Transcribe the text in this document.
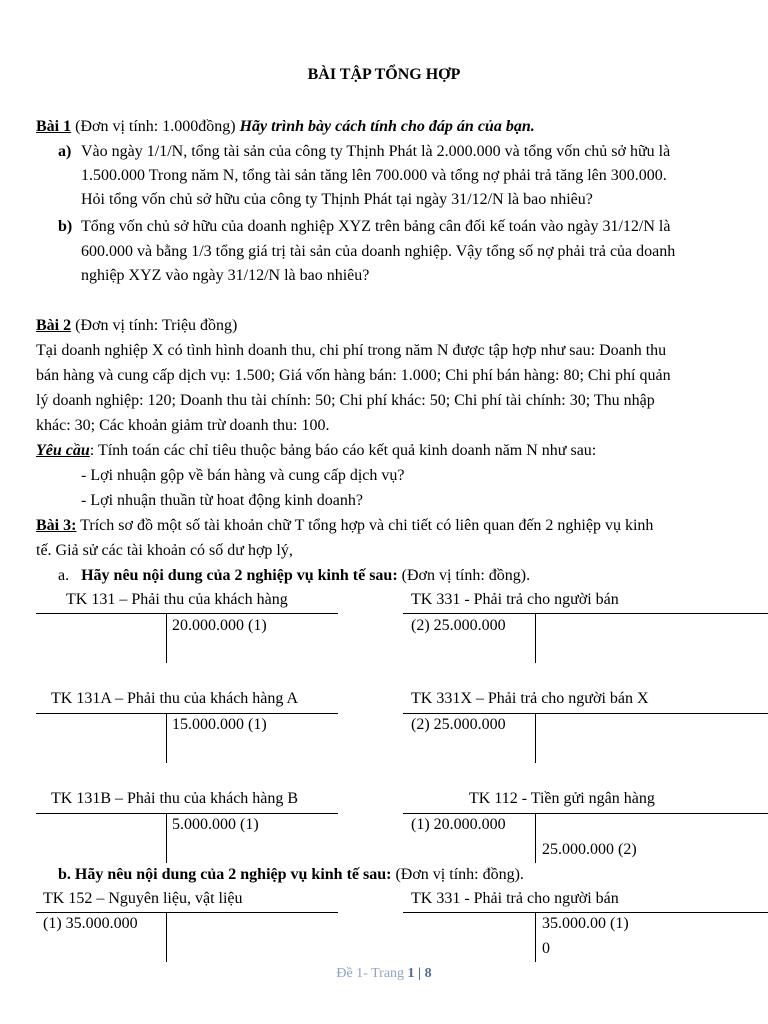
BÀI TẬP TỔNG HỢP
Bài 1 (Đơn vị tính: 1.000đồng) Hãy trình bày cách tính cho đáp án của bạn.
a) Vào ngày 1/1/N, tổng tài sản của công ty Thịnh Phát là 2.000.000 và tổng vốn chủ sở hữu là
1.500.000 Trong năm N, tổng tài sản tăng lên 700.000 và tổng nợ phải trả tăng lên 300.000.
Hỏi tổng vốn chủ sở hữu của công ty Thịnh Phát tại ngày 31/12/N là bao nhiêu?
b) Tổng vốn chủ sở hữu của doanh nghiệp XYZ trên bảng cân đối kế toán vào ngày 31/12/N là
600.000 và bằng 1/3 tổng giá trị tài sản của doanh nghiệp. Vậy tổng số nợ phải trả của doanh
nghiệp XYZ vào ngày 31/12/N là bao nhiêu?
Bài 2 (Đơn vị tính: Triệu đồng)
Tại doanh nghiệp X có tình hình doanh thu, chi phí trong năm N được tập hợp như sau: Doanh thu
bán hàng và cung cấp dịch vụ: 1.500; Giá vốn hàng bán: 1.000; Chi phí bán hàng: 80; Chi phí quản
lý doanh nghiệp: 120; Doanh thu tài chính: 50; Chi phí khác: 50; Chi phí tài chính: 30; Thu nhập
khác: 30; Các khoản giảm trừ doanh thu: 100.
Yêu cầu: Tính toán các chỉ tiêu thuộc bảng báo cáo kết quả kinh doanh năm N như sau:
- Lợi nhuận gộp về bán hàng và cung cấp dịch vụ?
- Lợi nhuận thuần từ hoat động kinh doanh?
Bài 3: Trích sơ đồ một số tài khoản chữ T tổng hợp và chi tiết có liên quan đến 2 nghiệp vụ kinh
tế. Giả sử các tài khoản có số dư hợp lý,
a. Hãy nêu nội dung của 2 nghiệp vụ kinh tế sau: (Đơn vị tính: đồng).
TK 131 – Phải thu của khách hàng
20.000.000 (1)
TK 331 - Phải trả cho người bán
(2) 25.000.000
TK 131A – Phải thu của khách hàng A
15.000.000 (1)
TK 331X – Phải trả cho người bán X
(2) 25.000.000
TK 131B – Phải thu của khách hàng B
5.000.000 (1)
TK 112 - Tiền gửi ngân hàng
(1) 20.000.000
25.000.000 (2)
b. Hãy nêu nội dung của 2 nghiệp vụ kinh tế sau: (Đơn vị tính: đồng).
TK 152 – Nguyên liệu, vật liệu
(1) 35.000.000
TK 331 - Phải trả cho người bán
35.000.00 (1)
0
Đề 1- Trang 1 | 8
